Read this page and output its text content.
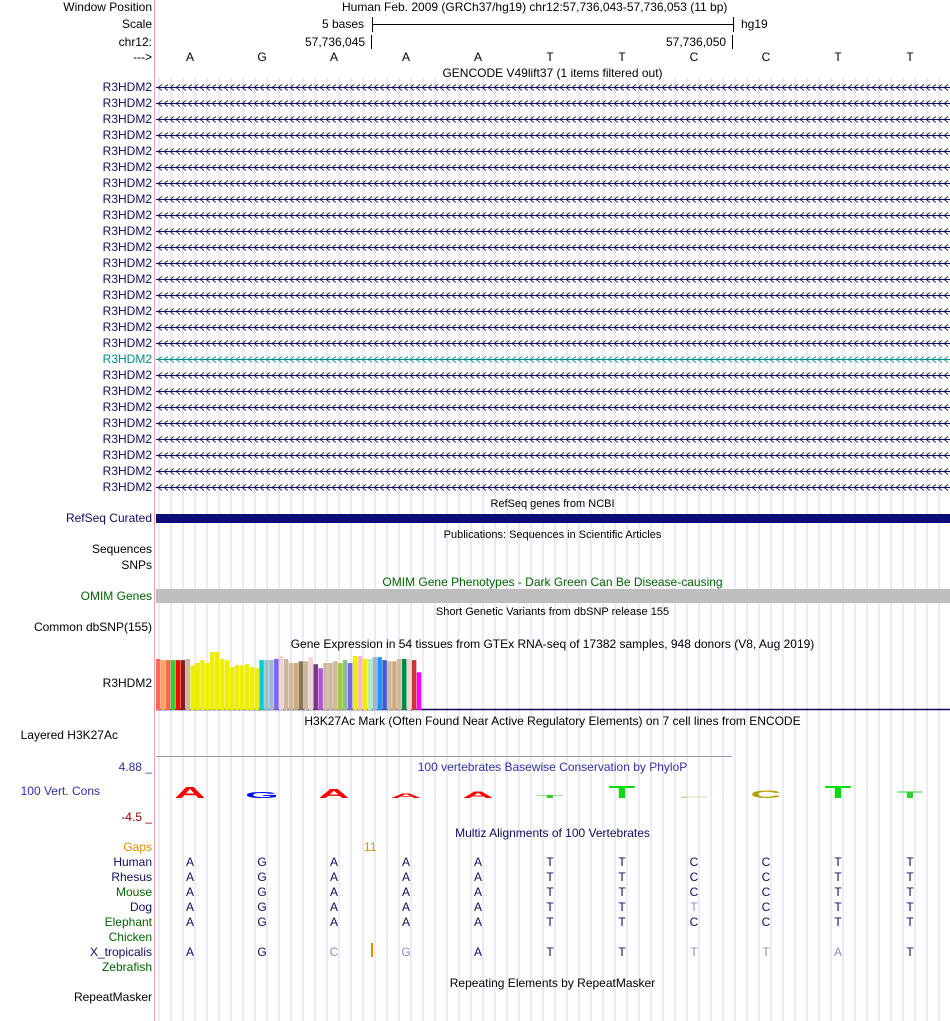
Window Position	Human Feb. 2009 (GRCh37/hg19) chr12:57,736,043-57,736,053 (11 bp)
Scale	5 bases	hg19
chr12:	57,736,045	57,736,050
--->	A	G	A	A	A	T	T	C	C	T	T
GENCODE V49lift37 (1 items filtered out)
R3HDM2
R3HDM2
R3HDM2
R3HDM2
R3HDM2
R3HDM2
R3HDM2
R3HDM2
R3HDM2
R3HDM2
R3HDM2
R3HDM2
R3HDM2
R3HDM2
R3HDM2
R3HDM2
R3HDM2
R3HDM2
R3HDM2
R3HDM2
R3HDM2
R3HDM2
R3HDM2
R3HDM2
R3HDM2
R3HDM2
RefSeq genes from NCBI
RefSeq Curated
Publications: Sequences in Scientific Articles
Sequences
SNPs
OMIM Gene Phenotypes - Dark Green Can Be Disease-causing
OMIM Genes
Short Genetic Variants from dbSNP release 155
Common dbSNP(155)
Gene Expression in 54 tissues from GTEx RNA-seq of 17382 samples, 948 donors (V8, Aug 2019)
R3HDM2
H3K27Ac Mark (Often Found Near Active Regulatory Elements) on 7 cell lines from ENCODE
Layered H3K27Ac
100 vertebrates Basewise Conservation by PhyloP
4.88 _
100 Vert. Cons
-4.5 _
A G A A A T	T C C T	T
Multiz Alignments of 100 Vertebrates
Gaps	11
Human	A	G	A	A	A	T	T	C	C	T	T
Rhesus	A	G	A	A	A	T	T	C	C	T	T
Mouse	A	G	A	A	A	T	T	C	C	T	T
Dog	A	G	A	A	A	T	T	T	C	T	T
Elephant	A	G	A	A	A	T	T	C	C	T	T
Chicken
X_tropicalis	A	G	C	G	A	T	T	T	T	A	T
Zebrafish
Repeating Elements by RepeatMasker
RepeatMasker
